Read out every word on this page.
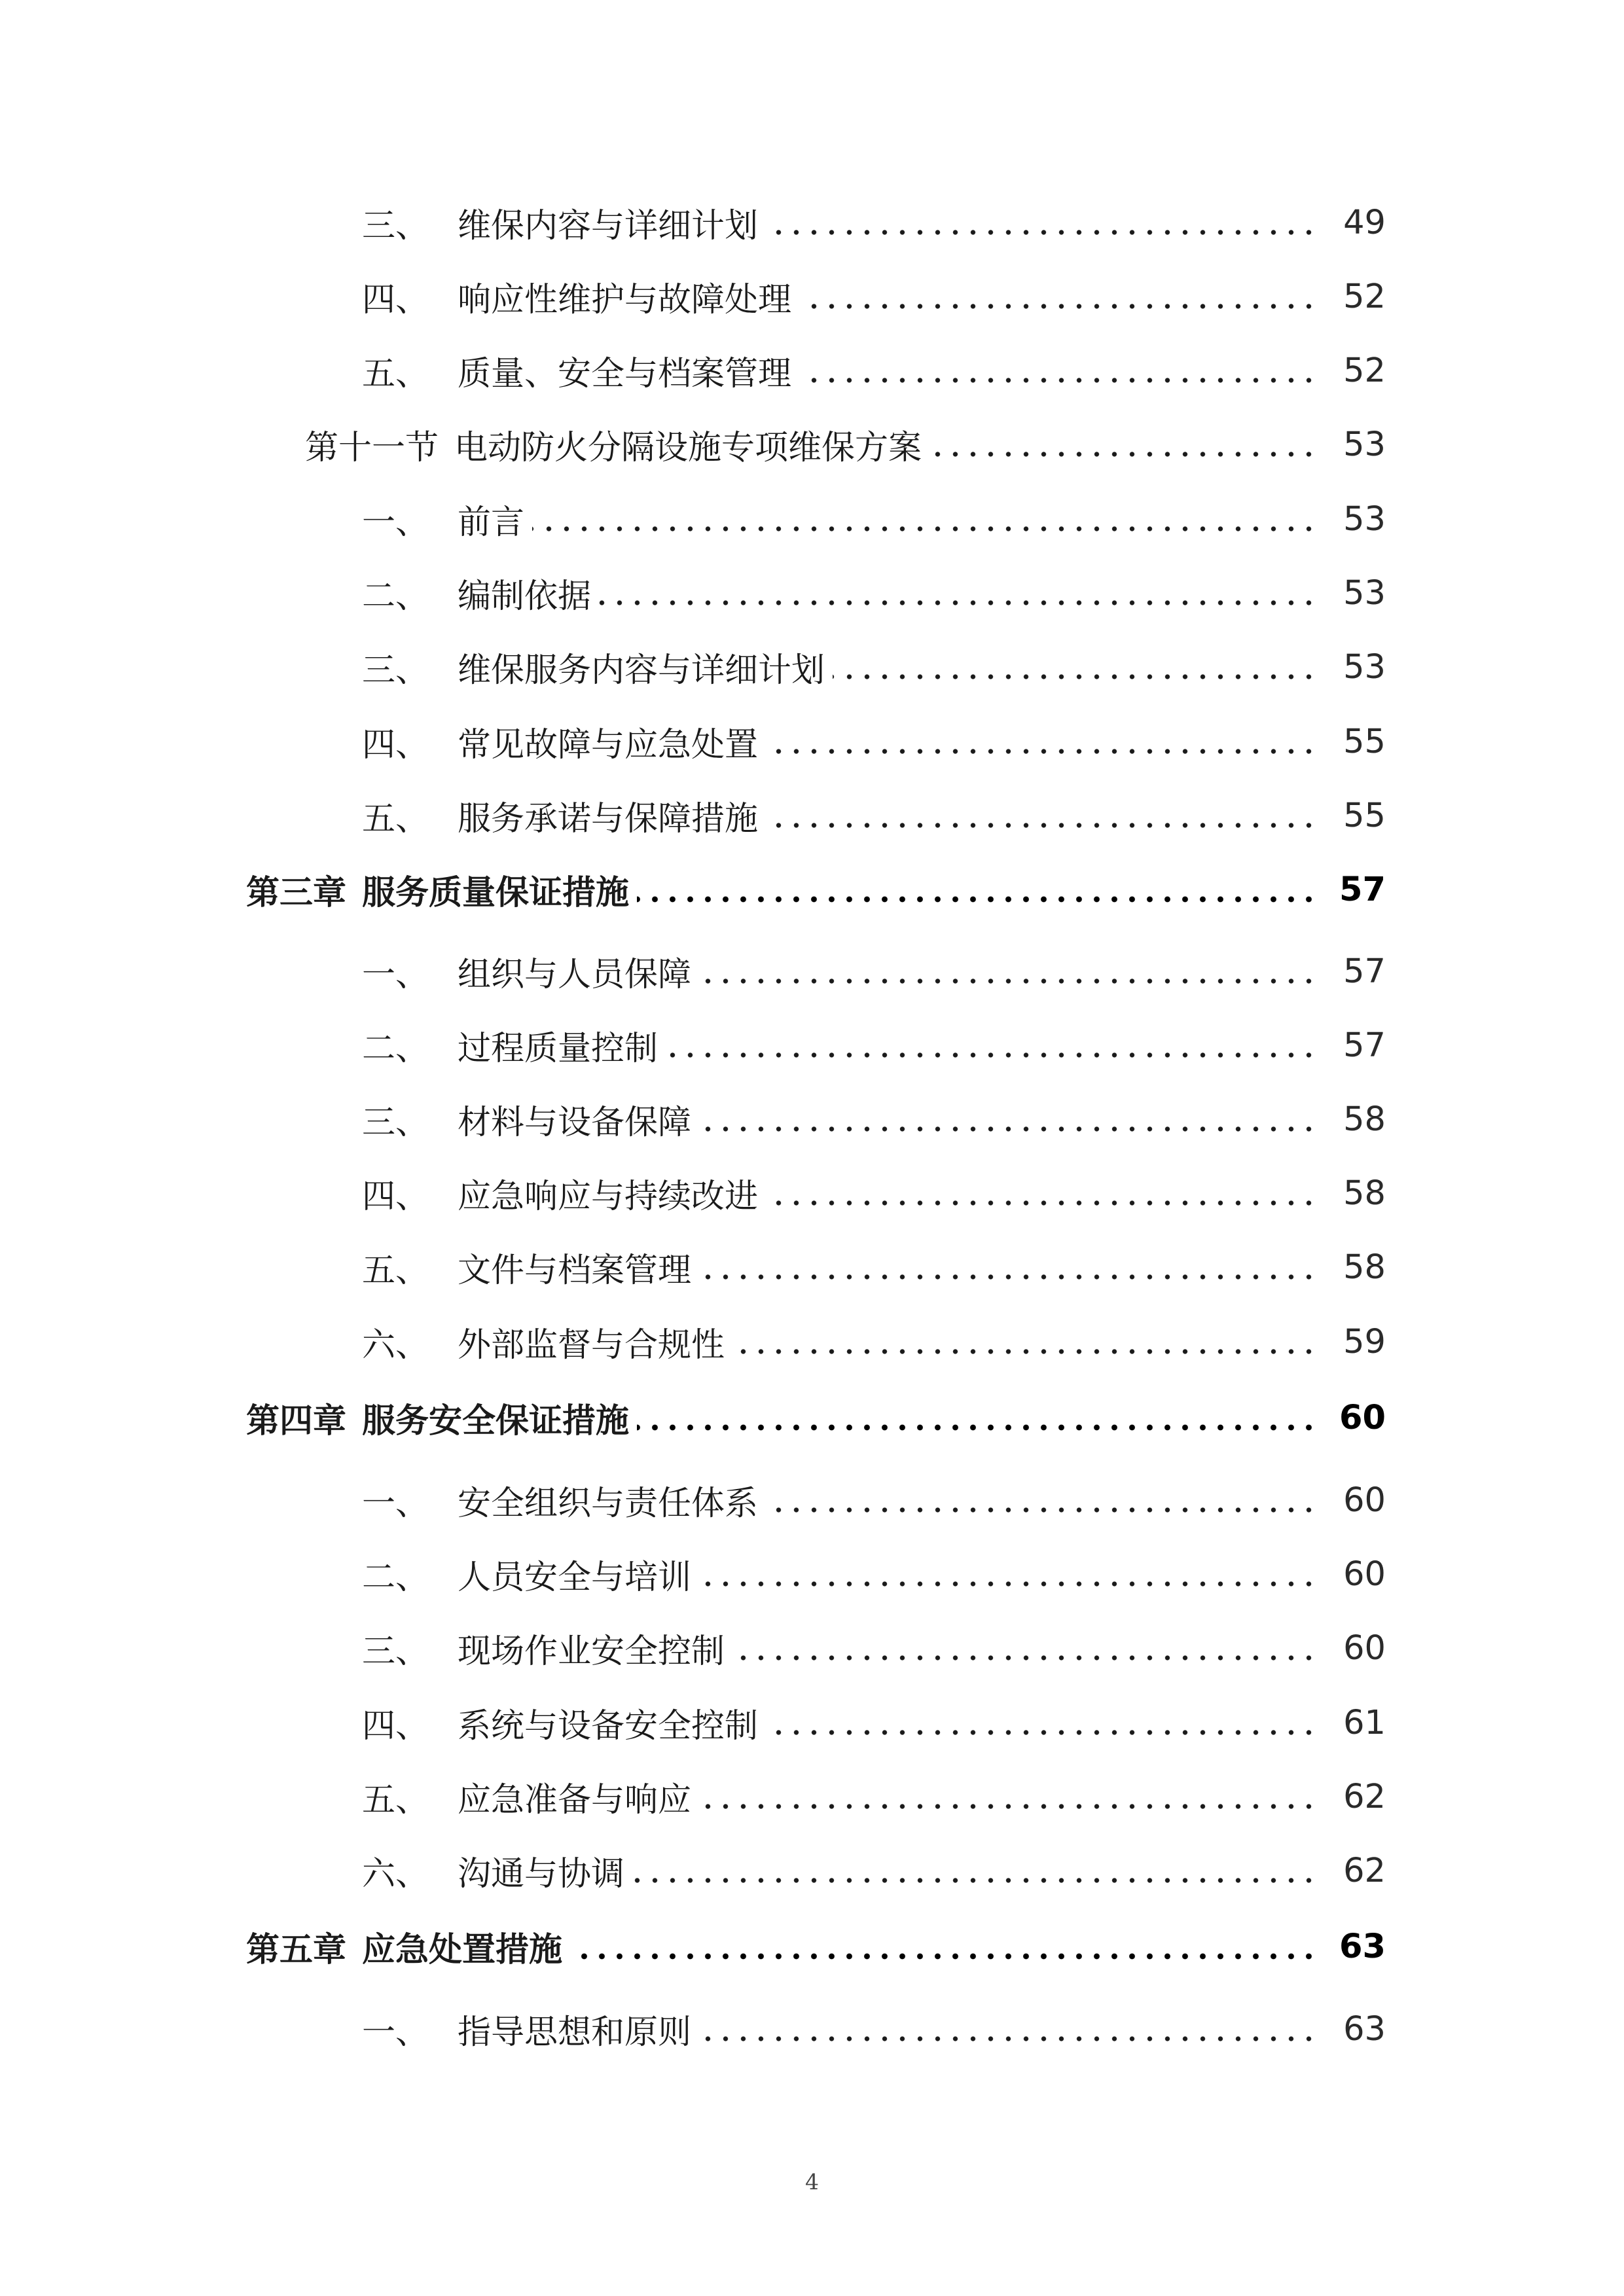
三、 维保内容与详细计划	49
四、 响应性维护与故障处理	52
五、 质量、安全与档案管理	52
第十一节 电动防火分隔设施专项维保方案	53
一、 前言	53
二、 编制依据	53
三、 维保服务内容与详细计划	53
四、 常见故障与应急处置	55
五、 服务承诺与保障措施	55
第三章 服务质量保证措施	57
一、 组织与人员保障	57
二、 过程质量控制	57
三、 材料与设备保障	58
四、 应急响应与持续改进	58
五、 文件与档案管理	58
六、 外部监督与合规性	59
第四章 服务安全保证措施	60
一、 安全组织与责任体系	60
二、 人员安全与培训	60
三、 现场作业安全控制	60
四、 系统与设备安全控制	61
五、 应急准备与响应	62
六、 沟通与协调	62
第五章 应急处置措施	63
一、 指导思想和原则	63
4
